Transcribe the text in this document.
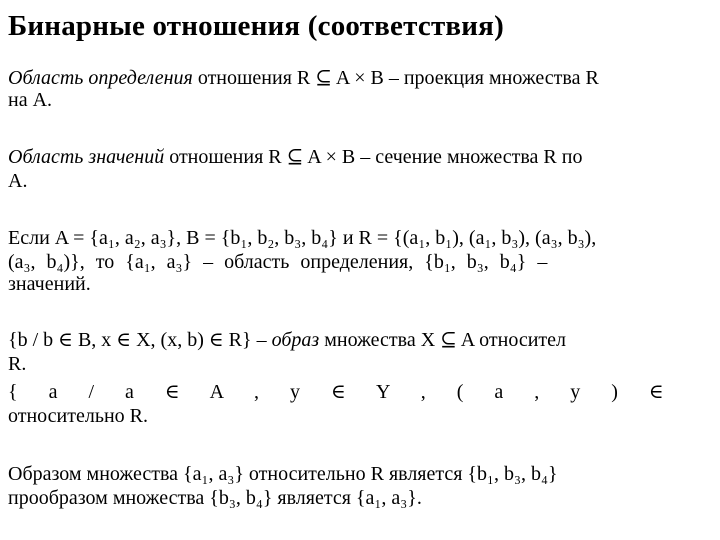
Бинарные отношения (соответствия)
Область определения отношения R ⊆ A × B – проекция множества R
на A.
Область значений отношения R ⊆ A × B – сечение множества R по
A.
Если A = {a₁, a₂, a₃}, B = {b₁, b₂, b₃, b₄} и R = {(a₁, b₁), (a₁, b₃), (a₃, b₃),
(a₃, b₄)}, то {a₁, a₃} – область определения, {b₁, b₃, b₄} –
значений.
{b / b ∈ B, x ∈ X, (x, b) ∈ R} – образ множества X ⊆ A относител
R.
{ a / a ∈ A , y ∈ Y , ( a , y ) ∈
относительно R.
Образом множества {a₁, a₃} относительно R является {b₁, b₃, b₄}
прообразом множества {b₃, b₄} является {a₁, a₃}.
